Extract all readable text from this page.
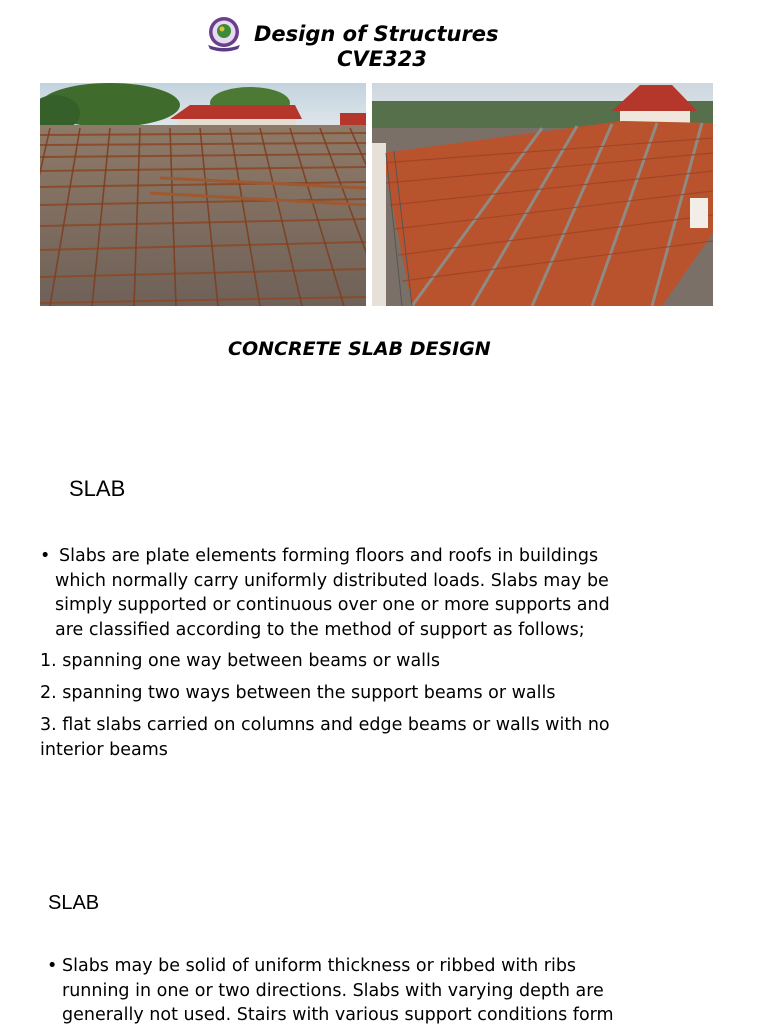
Design of Structures
CVE323
CONCRETE SLAB DESIGN
SLAB
• Slabs are plate elements forming floors and roofs in buildings
which normally carry uniformly distributed loads. Slabs may be
simply supported or continuous over one or more supports and
are classified according to the method of support as follows;
1. spanning one way between beams or walls
2. spanning two ways between the support beams or walls
3. flat slabs carried on columns and edge beams or walls with no
interior beams
SLAB
• Slabs may be solid of uniform thickness or ribbed with ribs
running in one or two directions. Slabs with varying depth are
generally not used. Stairs with various support conditions form
